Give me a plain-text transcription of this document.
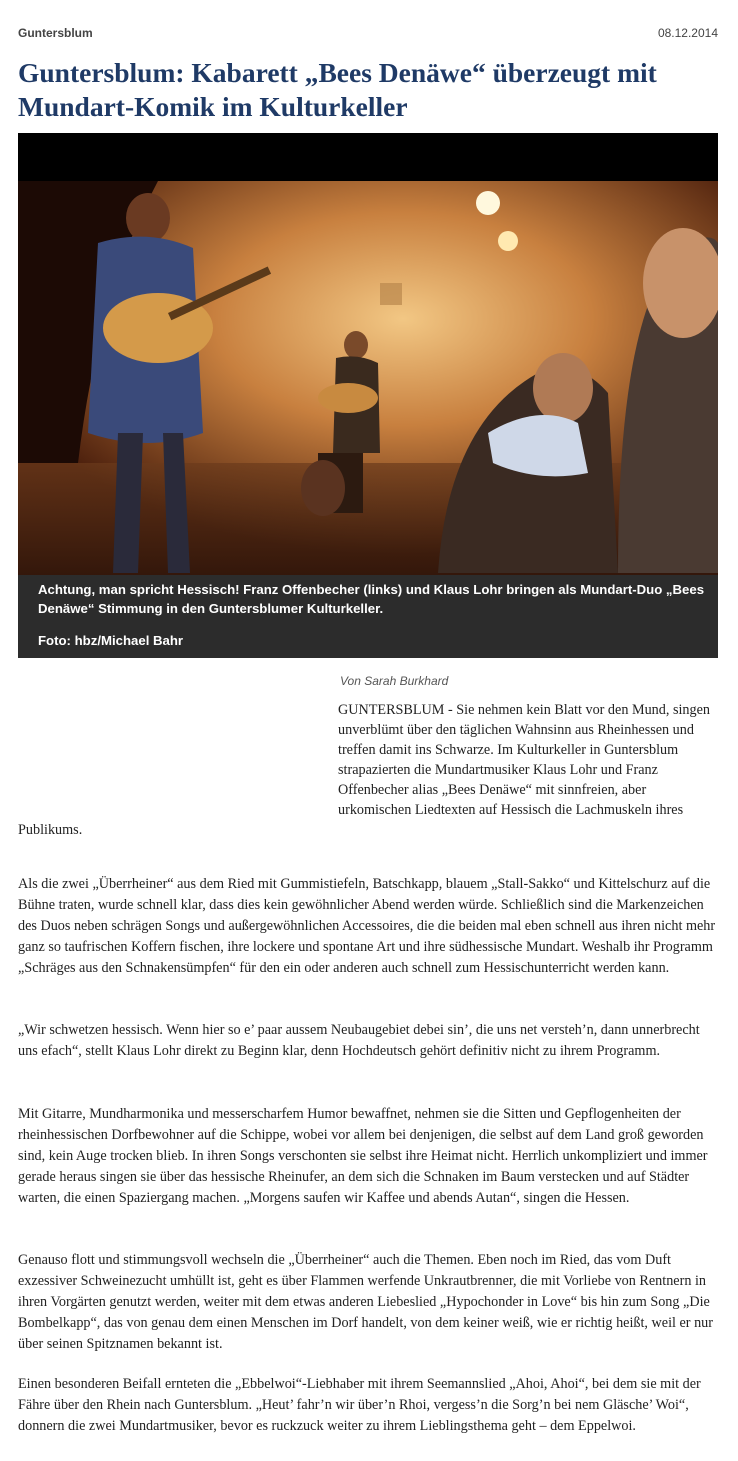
Guntersblum	08.12.2014
Guntersblum: Kabarett „Bees Denäwe“ überzeugt mit Mundart-Komik im Kulturkeller
Achtung, man spricht Hessisch! Franz Offenbecher (links) und Klaus Lohr bringen als Mundart-Duo „Bees Denäwe“ Stimmung in den Guntersblumer Kulturkeller.
Foto: hbz/Michael Bahr
Von Sarah Burkhard
GUNTERSBLUM - Sie nehmen kein Blatt vor den Mund, singen unverblümt über den täglichen Wahnsinn aus Rheinhessen und treffen damit ins Schwarze. Im Kulturkeller in Guntersblum strapazierten die Mundartmusiker Klaus Lohr und Franz Offenbecher alias „Bees Denäwe“ mit sinnfreien, aber urkomischen Liedtexten auf Hessisch die Lachmuskeln ihres Publikums.

Als die zwei „Überrheiner“ aus dem Ried mit Gummistiefeln, Batschkapp, blauem „Stall-Sakko“ und Kittelschurz auf die Bühne traten, wurde schnell klar, dass dies kein gewöhnlicher Abend werden würde. Schließlich sind die Markenzeichen des Duos neben schrägen Songs und außergewöhnlichen Accessoires, die die beiden mal eben schnell aus ihren nicht mehr ganz so taufrischen Koffern fischen, ihre lockere und spontane Art und ihre südhessische Mundart. Weshalb ihr Programm „Schräges aus den Schnakensümpfen“ für den ein oder anderen auch schnell zum Hessischunterricht werden kann.

„Wir schwetzen hessisch. Wenn hier so e’ paar aussem Neubaugebiet debei sin’, die uns net versteh’n, dann unnerbrecht uns efach“, stellt Klaus Lohr direkt zu Beginn klar, denn Hochdeutsch gehört definitiv nicht zu ihrem Programm.

Mit Gitarre, Mundharmonika und messerscharfem Humor bewaffnet, nehmen sie die Sitten und Gepflogenheiten der rheinhessischen Dorfbewohner auf die Schippe, wobei vor allem bei denjenigen, die selbst auf dem Land groß geworden sind, kein Auge trocken blieb. In ihren Songs verschonten sie selbst ihre Heimat nicht. Herrlich unkompliziert und immer gerade heraus singen sie über das hessische Rheinufer, an dem sich die Schnaken im Baum verstecken und auf Städter warten, die einen Spaziergang machen. „Morgens saufen wir Kaffee und abends Autan“, singen die Hessen.

Genauso flott und stimmungsvoll wechseln die „Überrheiner“ auch die Themen. Eben noch im Ried, das vom Duft exzessiver Schweinezucht umhüllt ist, geht es über Flammen werfende Unkrautbrenner, die mit Vorliebe von Rentnern in ihren Vorgärten genutzt werden, weiter mit dem etwas anderen Liebeslied „Hypochonder in Love“ bis hin zum Song „Die Bombelkapp“, das von genau dem einen Menschen im Dorf handelt, von dem keiner weiß, wie er richtig heißt, weil er nur über seinen Spitznamen bekannt ist.

Einen besonderen Beifall ernteten die „Ebbelwoi“-Liebhaber mit ihrem Seemannslied „Ahoi, Ahoi“, bei dem sie mit der Fähre über den Rhein nach Guntersblum. „Heut’ fahr’n wir über’n Rhoi, vergess’n die Sorg’n bei nem Gläsche’ Woi“, donnern die zwei Mundartmusiker, bevor es ruckzuck weiter zu ihrem Lieblingsthema geht – dem Eppelwoi.
